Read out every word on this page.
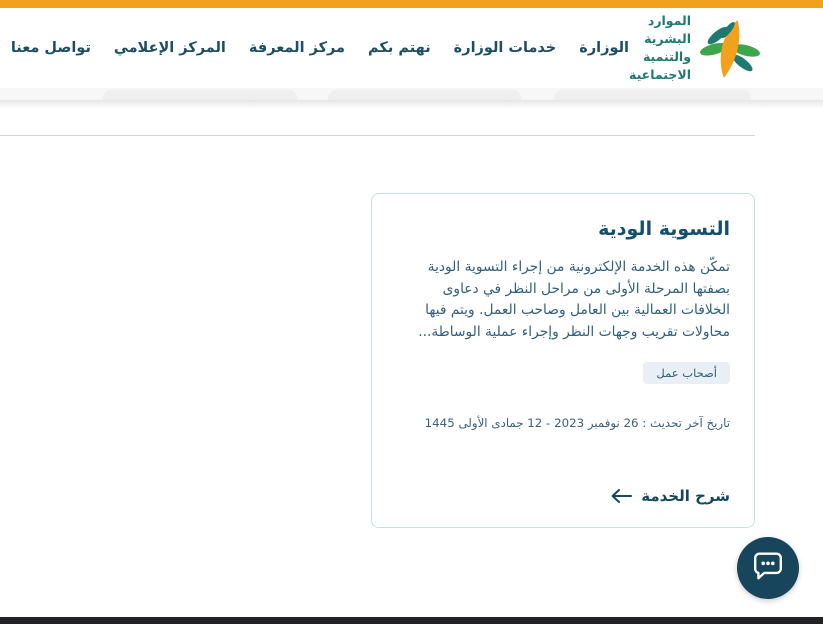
الموارد البشرية
والتنمية الاجتماعية
الوزارة
خدمات الوزارة
نهتم بكم
مركز المعرفة
المركز الإعلامي
تواصل معنا
التسوية الودية

تمكّن هذه الخدمة الإلكترونية من إجراء التسوية الودية بصفتها المرحلة الأولى من مراحل النظر في دعاوى الخلافات العمالية بين العامل وصاحب العمل. ويتم فيها محاولات تقريب وجهات النظر وإجراء عملية الوساطة...

أصحاب عمل
تاريخ آخر تحديث : 26 نوفمبر 2023 - 12 جمادى الأولى 1445
شرح الخدمة
